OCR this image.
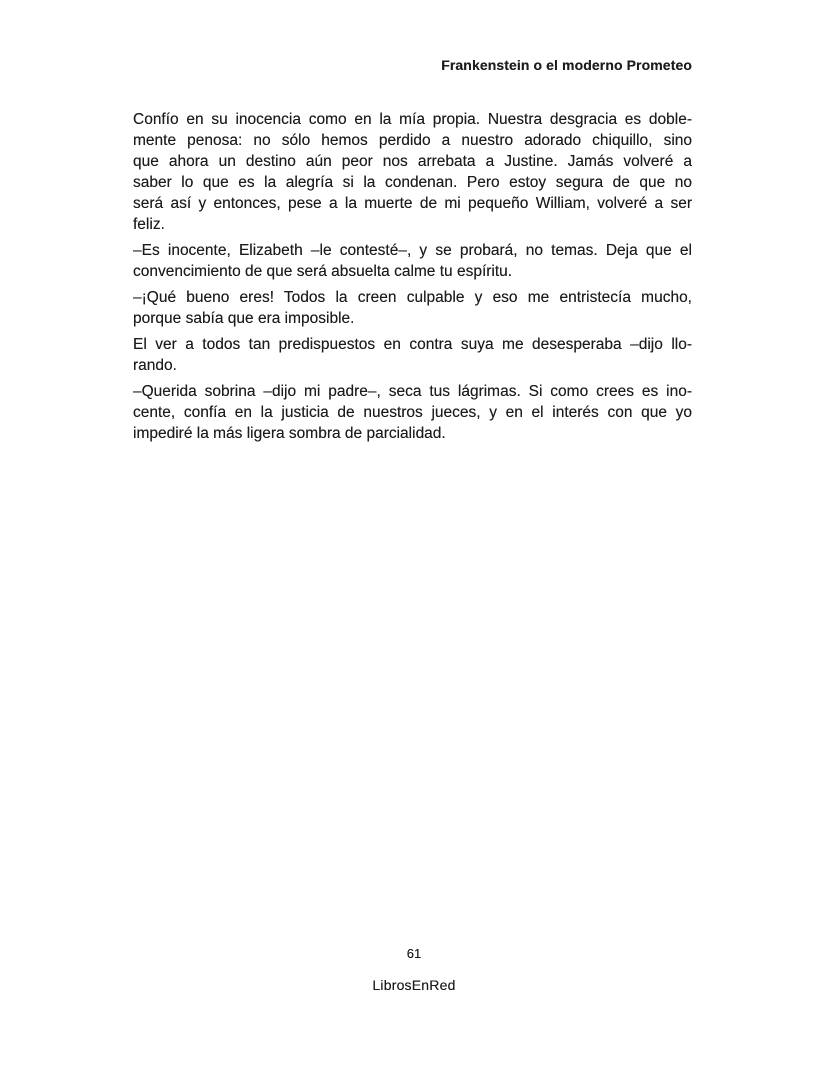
Frankenstein o el moderno Prometeo
Confío en su inocencia como en la mía propia. Nuestra desgracia es doble-
mente penosa: no sólo hemos perdido a nuestro adorado chiquillo, sino
que ahora un destino aún peor nos arrebata a Justine. Jamás volveré a
saber lo que es la alegría si la condenan. Pero estoy segura de que no
será así y entonces, pese a la muerte de mi pequeño William, volveré a ser
feliz.
–Es inocente, Elizabeth –le contesté–, y se probará, no temas. Deja que el
convencimiento de que será absuelta calme tu espíritu.
–¡Qué bueno eres! Todos la creen culpable y eso me entristecía mucho,
porque sabía que era imposible.
El ver a todos tan predispuestos en contra suya me desesperaba –dijo llo-
rando.
–Querida sobrina –dijo mi padre–, seca tus lágrimas. Si como crees es ino-
cente, confía en la justicia de nuestros jueces, y en el interés con que yo
impediré la más ligera sombra de parcialidad.
61
LibrosEnRed
